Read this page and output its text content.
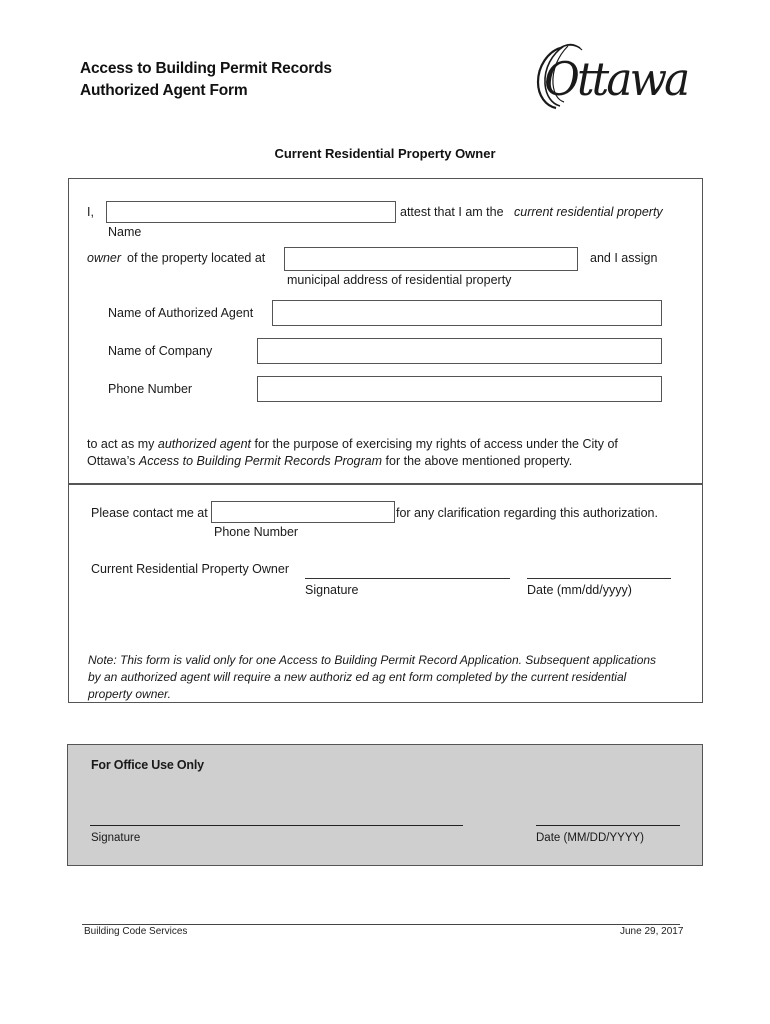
Access to Building Permit Records
Authorized Agent Form	Ottawa
Current Residential Property Owner
I,	attest that I am the current residential property
Name
owner of the property located at	and I assign
municipal address of residential property
Name of Authorized Agent
Name of Company
Phone Number
to act as my authorized agent for the purpose of exercising my rights of access under the City of
Ottawa’s Access to Building Permit Records Program for the above mentioned property.
Please contact me at	for any clarification regarding this authorization.
Phone Number
Current Residential Property Owner
Signature	Date (mm/dd/yyyy)
Note: This form is valid only for one Access to Building Permit Record Application. Subsequent applications
by an authorized agent will require a new authoriz ed ag ent form completed by the current residential
property owner.
For Office Use Only
Signature	Date (MM/DD/YYYY)
Building Code Services	June 29, 2017
